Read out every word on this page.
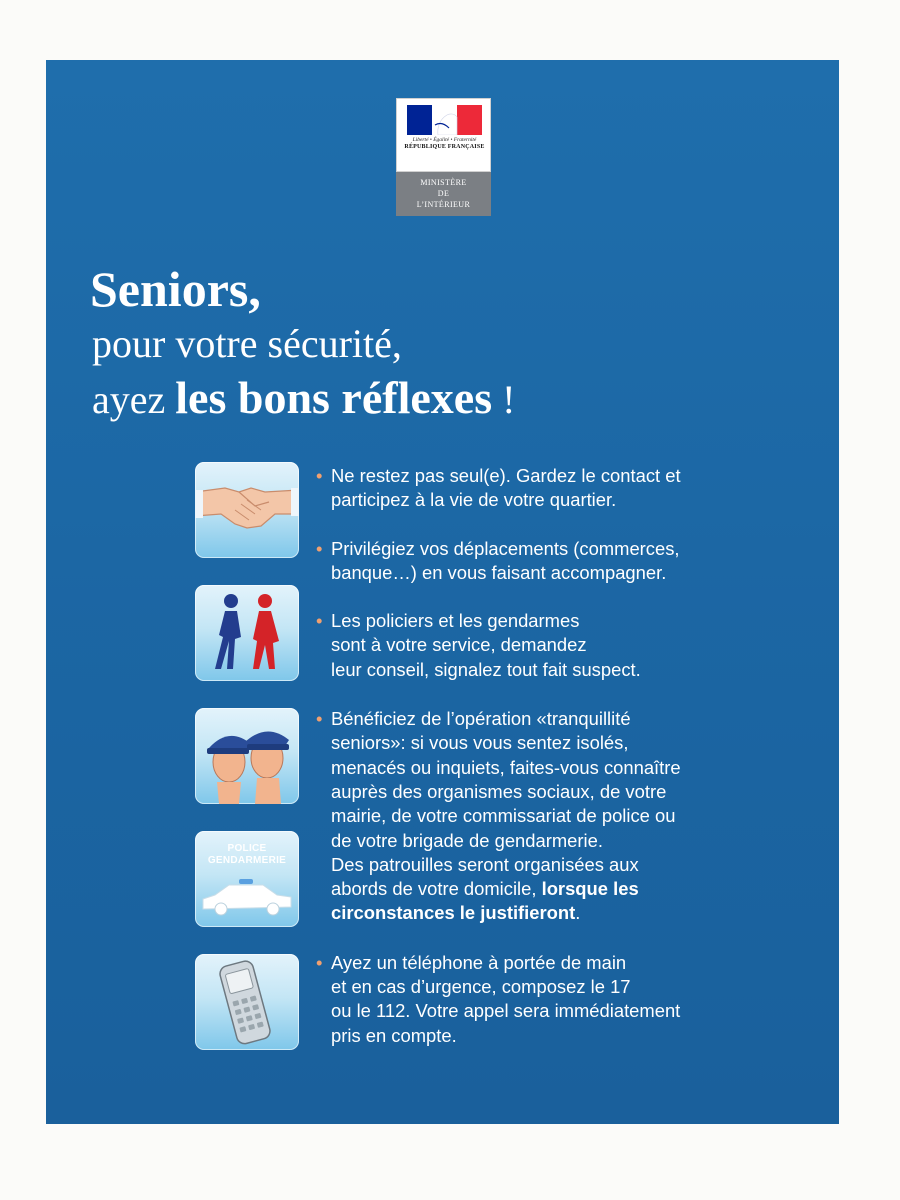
Liberté • Égalité • Fraternité
RÉPUBLIQUE FRANÇAISE
MINISTÈRE
DE
L’INTÉRIEUR
Seniors,
pour votre sécurité,
ayez les bons réflexes !
POLICE
GENDARMERIE
• Ne restez pas seul(e). Gardez le contact et
participez à la vie de votre quartier.
• Privilégiez vos déplacements (commerces,
banque…) en vous faisant accompagner.
• Les policiers et les gendarmes
sont à votre service, demandez
leur conseil, signalez tout fait suspect.
• Bénéficiez de l’opération «tranquillité
seniors»: si vous vous sentez isolés,
menacés ou inquiets, faites-vous connaître
auprès des organismes sociaux, de votre
mairie, de votre commissariat de police ou
de votre brigade de gendarmerie.
Des patrouilles seront organisées aux
abords de votre domicile, lorsque les
circonstances le justifieront.
• Ayez un téléphone à portée de main
et en cas d’urgence, composez le 17
ou le 112. Votre appel sera immédiatement
pris en compte.
